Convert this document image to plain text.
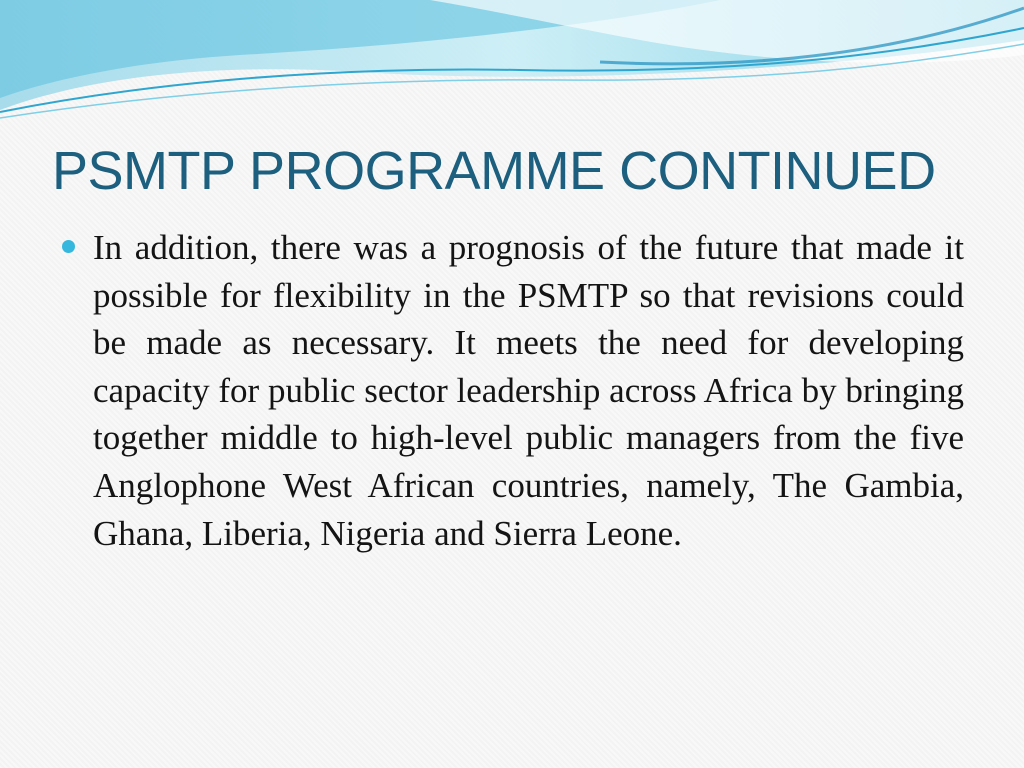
PSMTP PROGRAMME CONTINUED
In addition, there was a prognosis of the future that made it possible for flexibility in the PSMTP so that revisions could be made as necessary. It meets the need for developing capacity for public sector leadership across Africa by bringing together middle to high-level public managers from the five Anglophone West African countries, namely, The Gambia, Ghana, Liberia, Nigeria and Sierra Leone.
